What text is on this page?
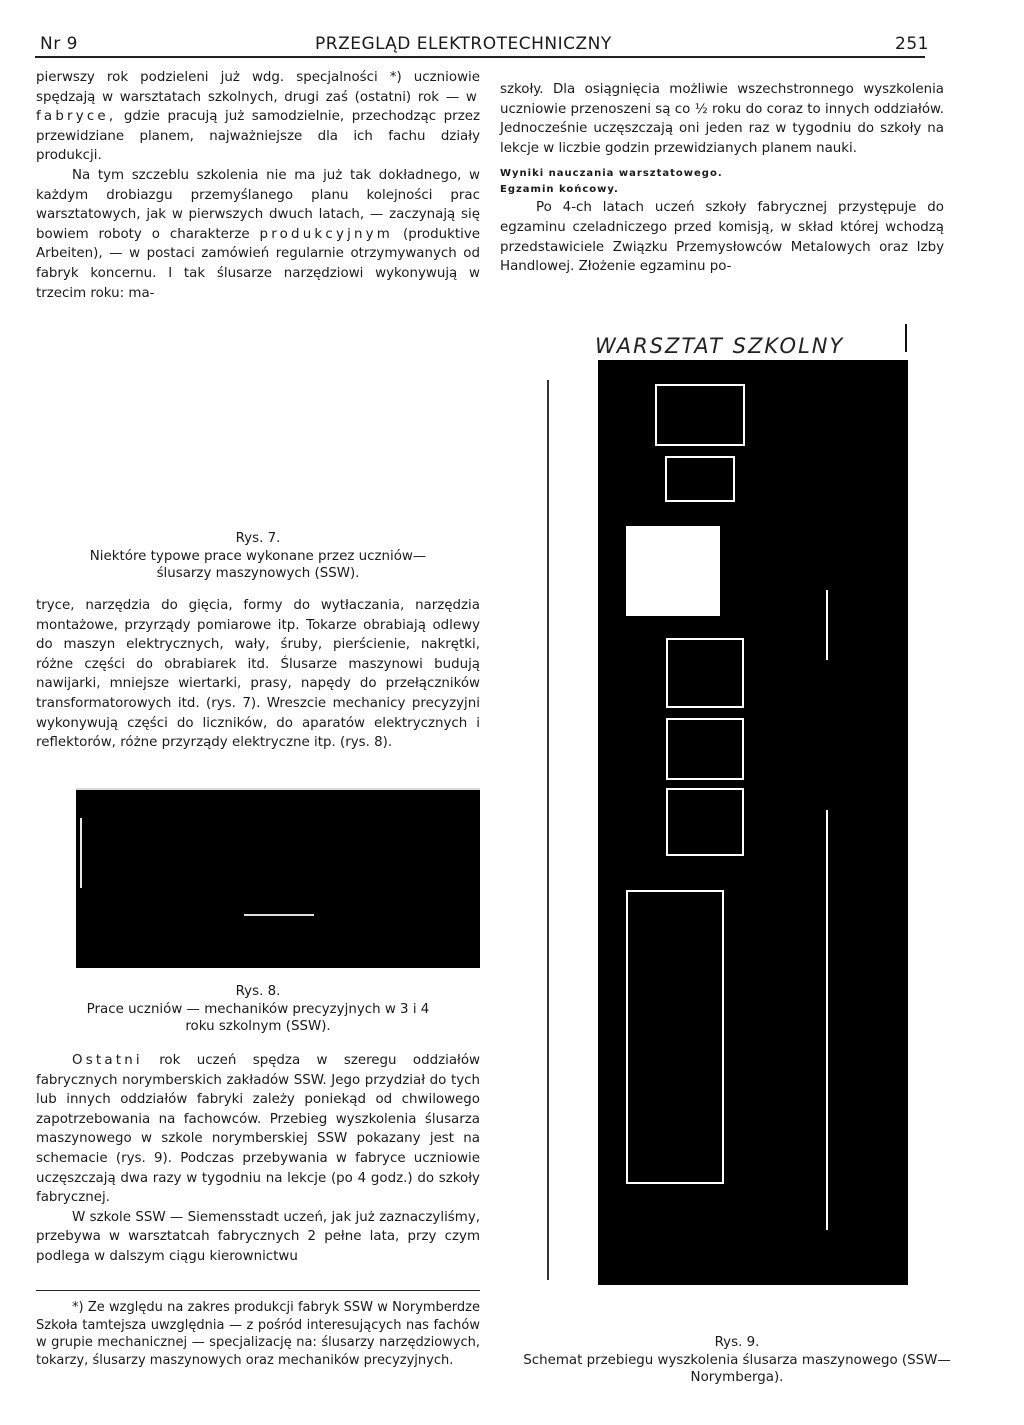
Nr 9	PRZEGLĄD ELEKTROTECHNICZNY	251

pierwszy rok podzieleni już wdg. specjalności *) uczniowie spędzają w warsztatach szkolnych, drugi zaś (ostatni) rok — w fabryce, gdzie pracują już samodzielnie, przechodząc przez przewidziane planem, najważniejsze dla ich fachu działy produkcji.

Na tym szczeblu szkolenia nie ma już tak dokładnego, w każdym drobiazgu przemyślanego planu kolejności prac warsztatowych, jak w pierwszych dwuch latach, — zaczynają się bowiem roboty o charakterze produkcyjnym (produktive Arbeiten), — w postaci zamówień regularnie otrzymywanych od fabryk koncernu. I tak ślusarze narzędziowi wykonywują w trzecim roku: ma-

Rys. 7.
Niektóre typowe prace wykonane przez uczniów—ślusarzy maszynowych (SSW).

tryce, narzędzia do gięcia, formy do wytłaczania, narzędzia montażowe, przyrządy pomiarowe itp. Tokarze obrabiają odlewy do maszyn elektrycznych, wały, śruby, pierścienie, nakrętki, różne części do obrabiarek itd. Ślusarze maszynowi budują nawijarki, mniejsze wiertarki, prasy, napędy do przełączników transformatorowych itd. (rys. 7). Wreszcie mechanicy precyzyjni wykonywują części do liczników, do aparatów elektrycznych i reflektorów, różne przyrządy elektryczne itp. (rys. 8).

Rys. 8.
Prace uczniów — mechaników precyzyjnych w 3 i 4 roku szkolnym (SSW).

Ostatni rok uczeń spędza w szeregu oddziałów fabrycznych norymberskich zakładów SSW. Jego przydział do tych lub innych oddziałów fabryki zależy poniekąd od chwilowego zapotrzebowania na fachowców. Przebieg wyszkolenia ślusarza maszynowego w szkole norymberskiej SSW pokazany jest na schemacie (rys. 9). Podczas przebywania w fabryce uczniowie uczęszczają dwa razy w tygodniu na lekcje (po 4 godz.) do szkoły fabrycznej.

W szkole SSW — Siemensstadt uczeń, jak już zaznaczyliśmy, przebywa w warsztatcah fabrycznych 2 pełne lata, przy czym podlega w dalszym ciągu kierownictwu

*) Ze względu na zakres produkcji fabryk SSW w Norymberdze Szkoła tamtejsza uwzględnia — z pośród interesujących nas fachów w grupie mechanicznej — specjalizację na: ślusarzy narzędziowych, tokarzy, ślusarzy maszynowych oraz mechaników precyzyjnych.

szkoły. Dla osiągnięcia możliwie wszechstronnego wyszkolenia uczniowie przenoszeni są co ½ roku do coraz to innych oddziałów. Jednocześnie uczęszczają oni jeden raz w tygodniu do szkoły na lekcje w liczbie godzin przewidzianych planem nauki.

Wyniki nauczania warsztatowego.
Egzamin końcowy.

Po 4-ch latach uczeń szkoły fabrycznej przystępuje do egzaminu czeladniczego przed komisją, w skład której wchodzą przedstawiciele Związku Przemysłowców Metalowych oraz Izby Handlowej. Złożenie egzaminu po-

WARSZTAT SZKOLNY
Rys. 9.
Schemat przebiegu wyszkolenia ślusarza maszynowego (SSW—Norymberga).
